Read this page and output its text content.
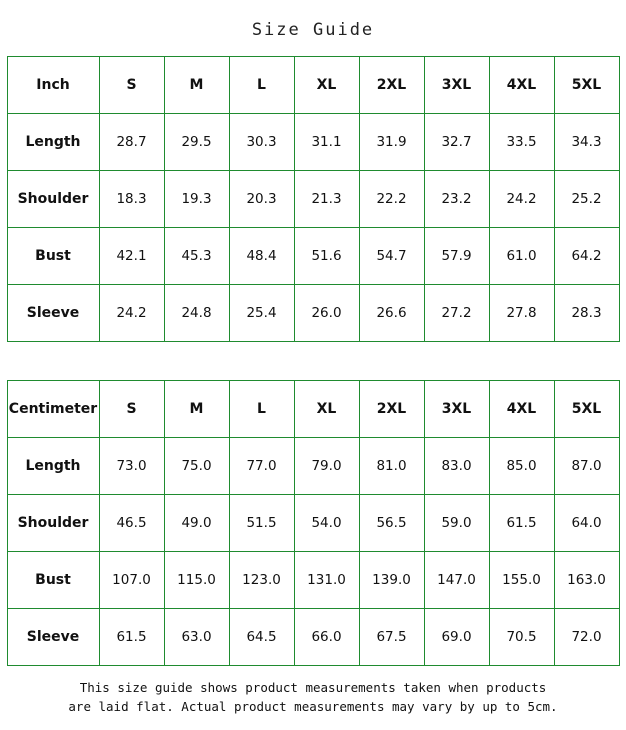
Size Guide
Inch	S	M	L	XL	2XL	3XL	4XL	5XL
Length	28.7	29.5	30.3	31.1	31.9	32.7	33.5	34.3
Shoulder	18.3	19.3	20.3	21.3	22.2	23.2	24.2	25.2
Bust	42.1	45.3	48.4	51.6	54.7	57.9	61.0	64.2
Sleeve	24.2	24.8	25.4	26.0	26.6	27.2	27.8	28.3
Centimeter	S	M	L	XL	2XL	3XL	4XL	5XL
Length	73.0	75.0	77.0	79.0	81.0	83.0	85.0	87.0
Shoulder	46.5	49.0	51.5	54.0	56.5	59.0	61.5	64.0
Bust	107.0	115.0	123.0	131.0	139.0	147.0	155.0	163.0
Sleeve	61.5	63.0	64.5	66.0	67.5	69.0	70.5	72.0
This size guide shows product measurements taken when products
are laid flat. Actual product measurements may vary by up to 5cm.
